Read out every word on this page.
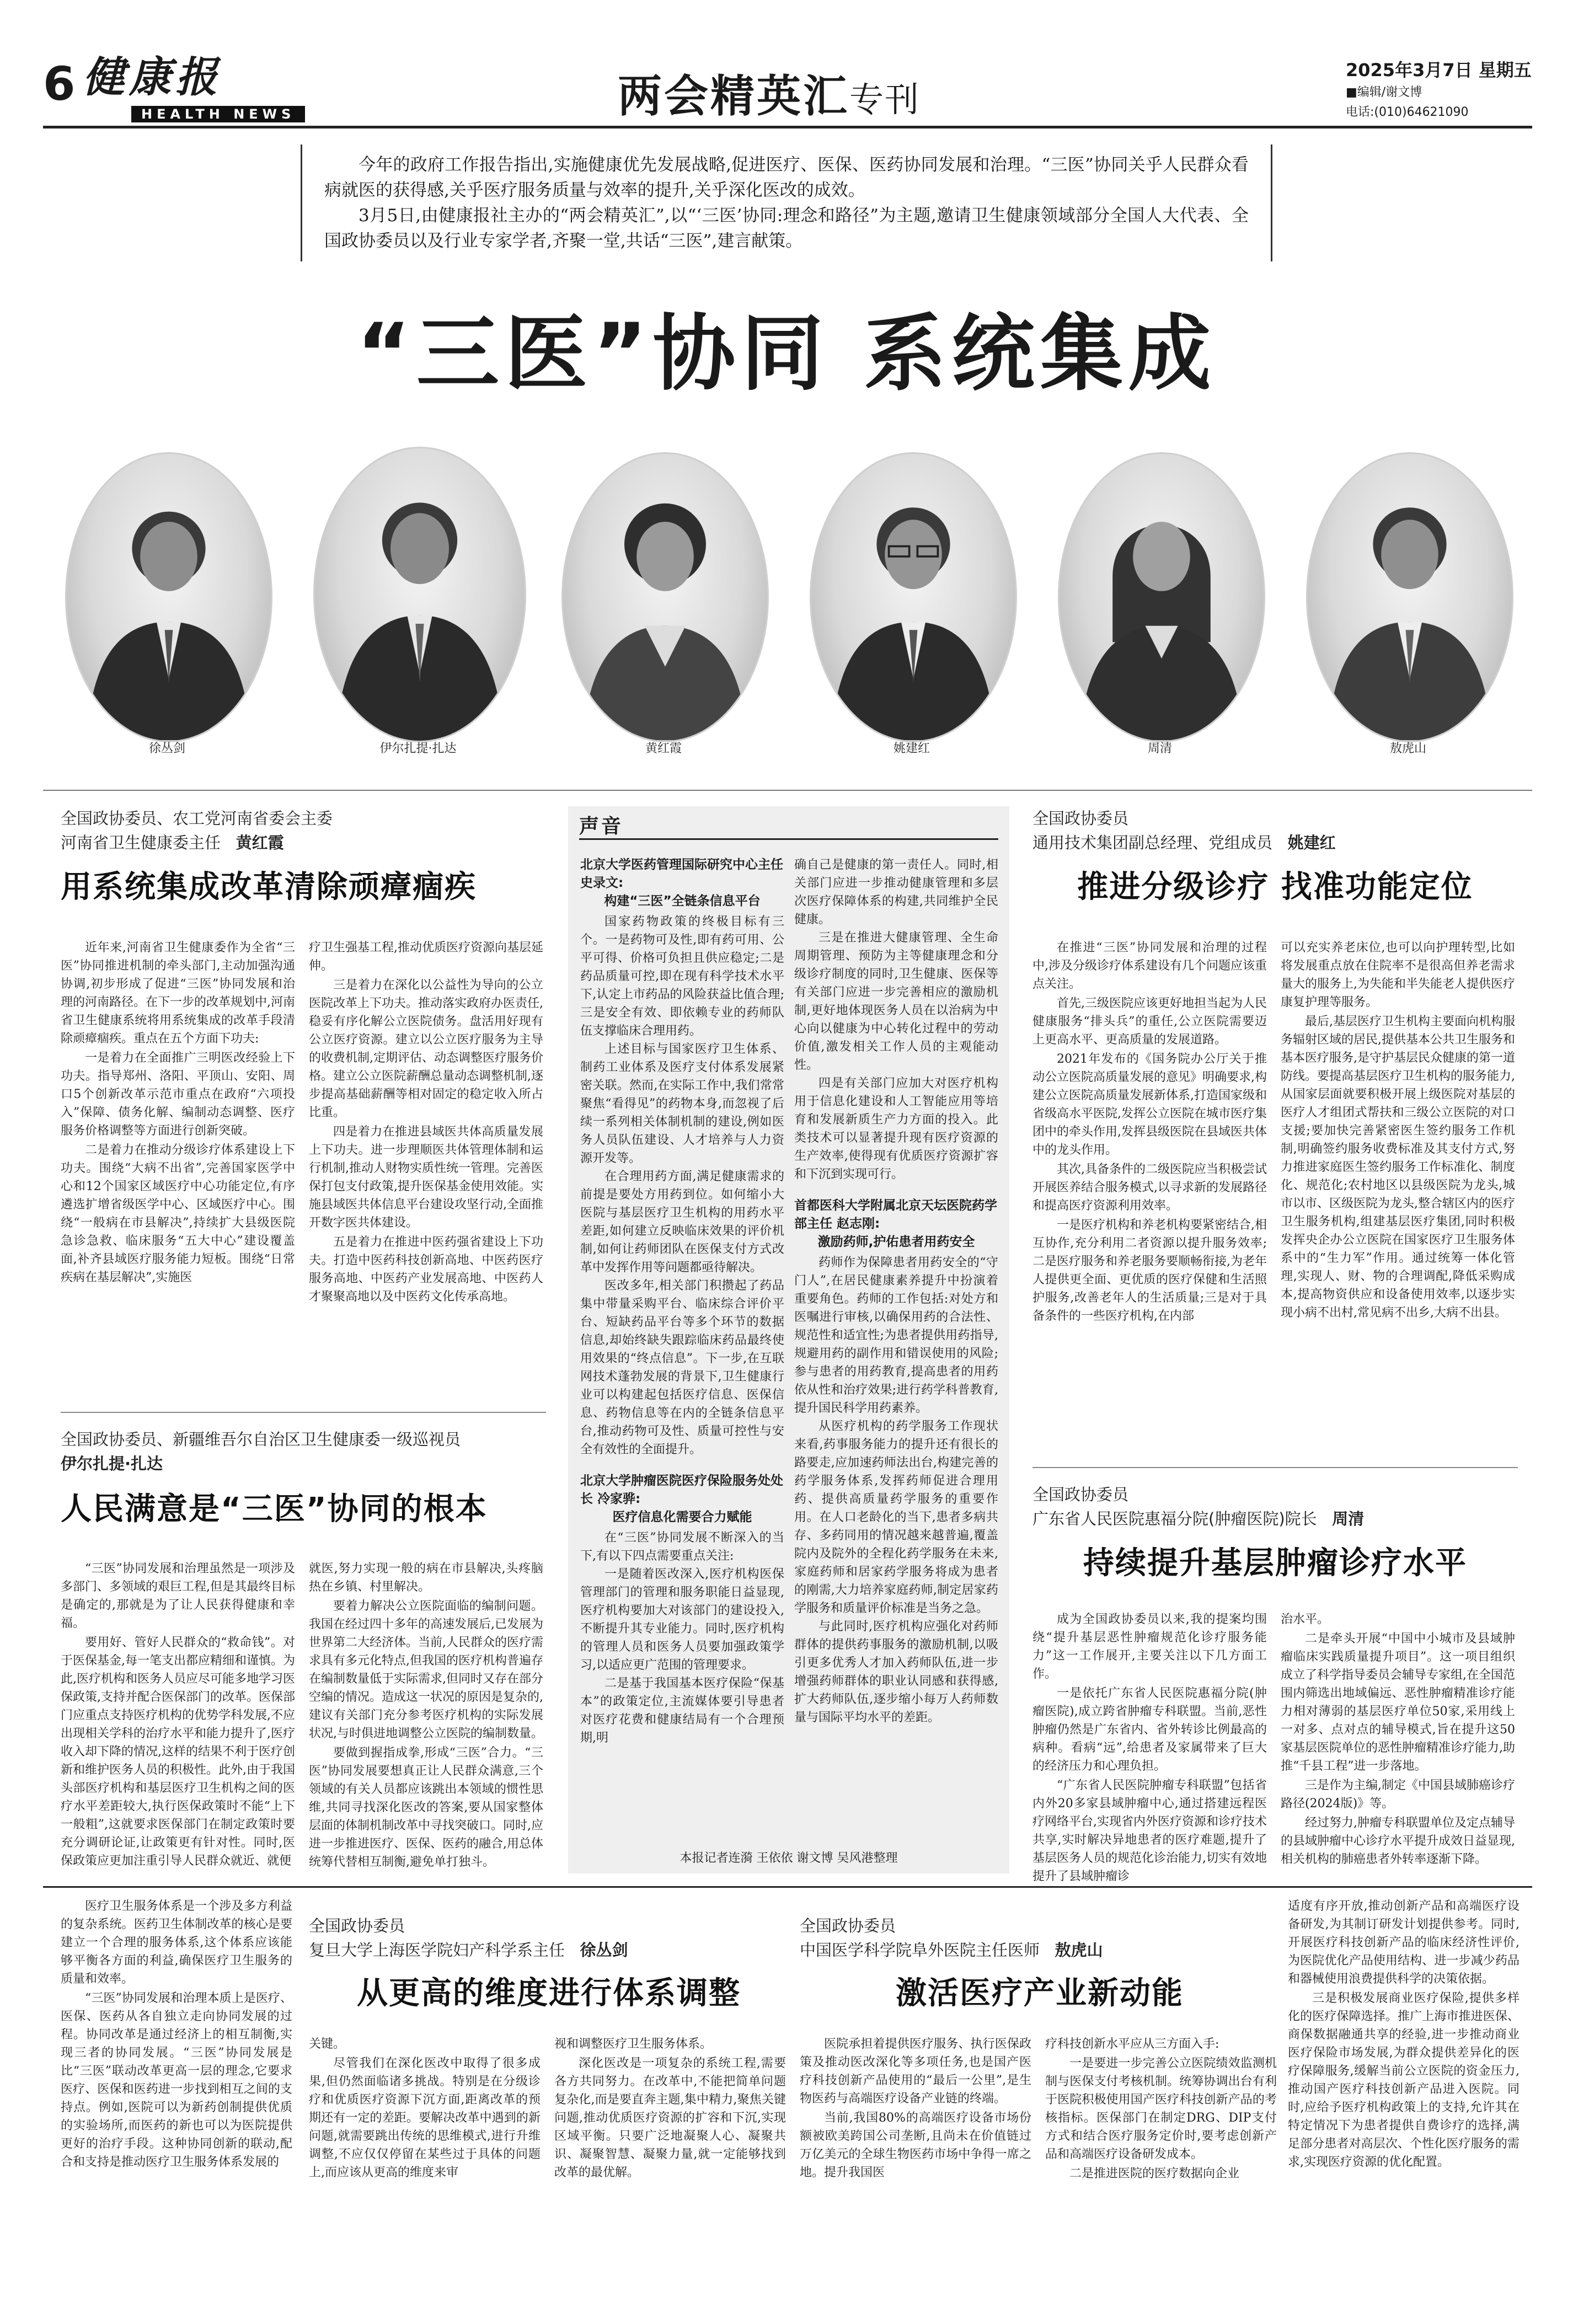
6 健康报
HEALTH NEWS	两会精英汇专刊
2025年3月7日 星期五
■编辑/谢文博
电话:(010)64621090

今年的政府工作报告指出,实施健康优先发展战略,促进医疗、医保、医药协同发展和治理。“三医”协同关乎人民群众看病就医的获得感,关乎医疗服务质量与效率的提升,关乎深化医改的成效。

3月5日,由健康报社主办的“两会精英汇”,以“‘三医’协同:理念和路径”为主题,邀请卫生健康领域部分全国人大代表、全国政协委员以及行业专家学者,齐聚一堂,共话“三医”,建言献策。

“三医”协同 系统集成
徐丛剑	伊尔扎提·扎达	黄红霞	姚建红	周清	敖虎山
全国政协委员、农工党河南省委会主委
河南省卫生健康委主任 黄红霞
用系统集成改革清除顽瘴痼疾

近年来,河南省卫生健康委作为全省“三医”协同推进机制的牵头部门,主动加强沟通协调,初步形成了促进“三医”协同发展和治理的河南路径。在下一步的改革规划中,河南省卫生健康系统将用系统集成的改革手段清除顽瘴痼疾。重点在五个方面下功夫:

一是着力在全面推广三明医改经验上下功夫。指导郑州、洛阳、平顶山、安阳、周口5个创新改革示范市重点在政府“六项投入”保障、债务化解、编制动态调整、医疗服务价格调整等方面进行创新突破。

二是着力在推动分级诊疗体系建设上下功夫。围绕“大病不出省”,完善国家医学中心和12个国家区域医疗中心功能定位,有序遴选扩增省级医学中心、区域医疗中心。围绕“一般病在市县解决”,持续扩大县级医院急诊急救、临床服务“五大中心”建设覆盖面,补齐县域医疗服务能力短板。围绕“日常疾病在基层解决”,实施医

疗卫生强基工程,推动优质医疗资源向基层延伸。

三是着力在深化以公益性为导向的公立医院改革上下功夫。推动落实政府办医责任,稳妥有序化解公立医院债务。盘活用好现有公立医疗资源。建立以公立医疗服务为主导的收费机制,定期评估、动态调整医疗服务价格。建立公立医院薪酬总量动态调整机制,逐步提高基础薪酬等相对固定的稳定收入所占比重。

四是着力在推进县域医共体高质量发展上下功夫。进一步理顺医共体管理体制和运行机制,推动人财物实质性统一管理。完善医保打包支付政策,提升医保基金使用效能。实施县域医共体信息平台建设攻坚行动,全面推开数字医共体建设。

五是着力在推进中医药强省建设上下功夫。打造中医药科技创新高地、中医药医疗服务高地、中医药产业发展高地、中医药人才聚聚高地以及中医药文化传承高地。

全国政协委员、新疆维吾尔自治区卫生健康委一级巡视员
伊尔扎提·扎达
人民满意是“三医”协同的根本

“三医”协同发展和治理虽然是一项涉及多部门、多领域的艰巨工程,但是其最终目标是确定的,那就是为了让人民获得健康和幸福。

要用好、管好人民群众的“救命钱”。对于医保基金,每一笔支出都应精细和谨慎。为此,医疗机构和医务人员应尽可能多地学习医保政策,支持并配合医保部门的改革。医保部门应重点支持医疗机构的优势学科发展,不应出现相关学科的治疗水平和能力提升了,医疗收入却下降的情况,这样的结果不利于医疗创新和维护医务人员的积极性。此外,由于我国头部医疗机构和基层医疗卫生机构之间的医疗水平差距较大,执行医保政策时不能“上下一般粗”,这就要求医保部门在制定政策时要充分调研论证,让政策更有针对性。同时,医保政策应更加注重引导人民群众就近、就便

就医,努力实现一般的病在市县解决,头疼脑热在乡镇、村里解决。

要着力解决公立医院面临的编制问题。我国在经过四十多年的高速发展后,已发展为世界第二大经济体。当前,人民群众的医疗需求具有多元化特点,但我国的医疗机构普遍存在编制数量低于实际需求,但同时又存在部分空编的情况。造成这一状况的原因是复杂的,建议有关部门充分参考医疗机构的实际发展状况,与时俱进地调整公立医院的编制数量。

要做到握指成拳,形成“三医”合力。“三医”协同发展要想真正让人民群众满意,三个领域的有关人员都应该跳出本领域的惯性思维,共同寻找深化医改的答案,要从国家整体层面的体制机制改革中寻找突破口。同时,应进一步推进医疗、医保、医药的融合,用总体统筹代替相互制衡,避免单打独斗。

声音
北京大学医药管理国际研究中心主任 史录文:
构建“三医”全链条信息平台

国家药物政策的终极目标有三个。一是药物可及性,即有药可用、公平可得、价格可负担且供应稳定;二是药品质量可控,即在现有科学技术水平下,认定上市药品的风险获益比值合理;三是安全有效、即依赖专业的药师队伍支撑临床合理用药。

上述目标与国家医疗卫生体系、制药工业体系及医疗支付体系发展紧密关联。然而,在实际工作中,我们常常聚焦“看得见”的药物本身,而忽视了后续一系列相关体制机制的建设,例如医务人员队伍建设、人才培养与人力资源开发等。

在合理用药方面,满足健康需求的前提是要处方用药到位。如何缩小大医院与基层医疗卫生机构的用药水平差距,如何建立反映临床效果的评价机制,如何让药师团队在医保支付方式改革中发挥作用等问题都亟待解决。

医改多年,相关部门积攒起了药品集中带量采购平台、临床综合评价平台、短缺药品平台等多个环节的数据信息,却始终缺失跟踪临床药品最终使用效果的“终点信息”。下一步,在互联网技术蓬勃发展的背景下,卫生健康行业可以构建起包括医疗信息、医保信息、药物信息等在内的全链条信息平台,推动药物可及性、质量可控性与安全有效性的全面提升。

北京大学肿瘤医院医疗保险服务处处长 冷家骅:
医疗信息化需要合力赋能

在“三医”协同发展不断深入的当下,有以下四点需要重点关注:

一是随着医改深入,医疗机构医保管理部门的管理和服务职能日益显现,医疗机构要加大对该部门的建设投入,不断提升其专业能力。同时,医疗机构的管理人员和医务人员要加强政策学习,以适应更广范围的管理要求。

二是基于我国基本医疗保险“保基本”的政策定位,主流媒体要引导患者对医疗花费和健康结局有一个合理预期,明

确自己是健康的第一责任人。同时,相关部门应进一步推动健康管理和多层次医疗保障体系的构建,共同维护全民健康。

三是在推进大健康管理、全生命周期管理、预防为主等健康理念和分级诊疗制度的同时,卫生健康、医保等有关部门应进一步完善相应的激励机制,更好地体现医务人员在以治病为中心向以健康为中心转化过程中的劳动价值,激发相关工作人员的主观能动性。

四是有关部门应加大对医疗机构用于信息化建设和人工智能应用等培育和发展新质生产力方面的投入。此类技术可以显著提升现有医疗资源的生产效率,使得现有优质医疗资源扩容和下沉到实现可行。

首都医科大学附属北京天坛医院药学部主任 赵志刚:
激励药师,护佑患者用药安全

药师作为保障患者用药安全的“守门人”,在居民健康素养提升中扮演着重要角色。药师的工作包括:对处方和医嘱进行审核,以确保用药的合法性、规范性和适宜性;为患者提供用药指导,规避用药的副作用和错误使用的风险;参与患者的用药教育,提高患者的用药依从性和治疗效果;进行药学科普教育,提升国民科学用药素养。

从医疗机构的药学服务工作现状来看,药事服务能力的提升还有很长的路要走,应加速药师法出台,构建完善的药学服务体系,发挥药师促进合理用药、提供高质量药学服务的重要作用。在人口老龄化的当下,患者多病共存、多药同用的情况越来越普遍,覆盖院内及院外的全程化药学服务在未来,家庭药师和居家药学服务将成为患者的刚需,大力培养家庭药师,制定居家药学服务和质量评价标准是当务之急。

与此同时,医疗机构应强化对药师群体的提供药事服务的激励机制,以吸引更多优秀人才加入药师队伍,进一步增强药师群体的职业认同感和获得感,扩大药师队伍,逐步缩小每万人药师数量与国际平均水平的差距。

本报记者连漪 王依依 谢文博 吴风港整理
全国政协委员
通用技术集团副总经理、党组成员 姚建红
推进分级诊疗 找准功能定位

在推进“三医”协同发展和治理的过程中,涉及分级诊疗体系建设有几个问题应该重点关注。

首先,三级医院应该更好地担当起为人民健康服务“排头兵”的重任,公立医院需要迈上更高水平、更高质量的发展道路。

2021年发布的《国务院办公厅关于推动公立医院高质量发展的意见》明确要求,构建公立医院高质量发展新体系,打造国家级和省级高水平医院,发挥公立医院在城市医疗集团中的牵头作用,发挥县级医院在县域医共体中的龙头作用。

其次,具备条件的二级医院应当积极尝试开展医养结合服务模式,以寻求新的发展路径和提高医疗资源利用效率。

一是医疗机构和养老机构要紧密结合,相互协作,充分利用二者资源以提升服务效率;二是医疗服务和养老服务要顺畅衔接,为老年人提供更全面、更优质的医疗保健和生活照护服务,改善老年人的生活质量;三是对于具备条件的一些医疗机构,在内部

可以充实养老床位,也可以向护理转型,比如将发展重点放在住院率不是很高但养老需求量大的服务上,为失能和半失能老人提供医疗康复护理等服务。

最后,基层医疗卫生机构主要面向机构服务辐射区域的居民,提供基本公共卫生服务和基本医疗服务,是守护基层民众健康的第一道防线。要提高基层医疗卫生机构的服务能力,从国家层面就要积极开展上级医院对基层的医疗人才组团式帮扶和三级公立医院的对口支援;要加快完善紧密医生签约服务工作机制,明确签约服务收费标准及其支付方式,努力推进家庭医生签约服务工作标准化、制度化、规范化;农村地区以县级医院为龙头,城市以市、区级医院为龙头,整合辖区内的医疗卫生服务机构,组建基层医疗集团,同时积极发挥央企办公立医院在国家医疗卫生服务体系中的“生力军”作用。通过统筹一体化管理,实现人、财、物的合理调配,降低采购成本,提高物资供应和设备使用效率,以逐步实现小病不出村,常见病不出乡,大病不出县。

全国政协委员
广东省人民医院惠福分院(肿瘤医院)院长 周清
持续提升基层肿瘤诊疗水平

成为全国政协委员以来,我的提案均围绕“提升基层恶性肿瘤规范化诊疗服务能力”这一工作展开,主要关注以下几方面工作。

一是依托广东省人民医院惠福分院(肿瘤医院),成立跨省肿瘤专科联盟。当前,恶性肿瘤仍然是广东省内、省外转诊比例最高的病种。看病“远”,给患者及家属带来了巨大的经济压力和心理负担。

“广东省人民医院肿瘤专科联盟”包括省内外20多家县域肿瘤中心,通过搭建远程医疗网络平台,实现省内外医疗资源和诊疗技术共享,实时解决异地患者的医疗难题,提升了基层医务人员的规范化诊治能力,切实有效地提升了县域肿瘤诊

治水平。

二是牵头开展“中国中小城市及县域肿瘤临床实践质量提升项目”。这一项目组织成立了科学指导委员会辅导专家组,在全国范围内筛选出地域偏远、恶性肿瘤精准诊疗能力相对薄弱的基层医疗单位50家,采用线上一对多、点对点的辅导模式,旨在提升这50家基层医院单位的恶性肿瘤精准诊疗能力,助推“千县工程”进一步落地。

三是作为主编,制定《中国县域肺癌诊疗路径(2024版)》等。

经过努力,肿瘤专科联盟单位及定点辅导的县域肿瘤中心诊疗水平提升成效日益显现,相关机构的肺癌患者外转率逐渐下降。

医疗卫生服务体系是一个涉及多方利益的复杂系统。医药卫生体制改革的核心是要建立一个合理的服务体系,这个体系应该能够平衡各方面的利益,确保医疗卫生服务的质量和效率。

“三医”协同发展和治理本质上是医疗、医保、医药从各自独立走向协同发展的过程。协同改革是通过经济上的相互制衡,实现三者的协同发展。“三医”协同发展是比“三医”联动改革更高一层的理念,它要求医疗、医保和医药进一步找到相互之间的支持点。例如,医院可以为新药创制提供优质的实验场所,而医药的新也可以为医院提供更好的治疗手段。这种协同创新的联动,配合和支持是推动医疗卫生服务体系发展的

全国政协委员
复旦大学上海医学院妇产科学系主任 徐丛剑
从更高的维度进行体系调整

关键。

尽管我们在深化医改中取得了很多成果,但仍然面临诸多挑战。特别是在分级诊疗和优质医疗资源下沉方面,距离改革的预期还有一定的差距。要解决改革中遇到的新问题,就需要跳出传统的思维模式,进行升维调整,不应仅仅停留在某些过于具体的问题上,而应该从更高的维度来审

视和调整医疗卫生服务体系。

深化医改是一项复杂的系统工程,需要各方共同努力。在改革中,不能把简单问题复杂化,而是要直奔主题,集中精力,聚焦关键问题,推动优质医疗资源的扩容和下沉,实现区域平衡。只要广泛地凝聚人心、凝聚共识、凝聚智慧、凝聚力量,就一定能够找到改革的最优解。

全国政协委员
中国医学科学院阜外医院主任医师 敖虎山
激活医疗产业新动能

医院承担着提供医疗服务、执行医保政策及推动医改深化等多项任务,也是国产医疗科技创新产品使用的“最后一公里”,是生物医药与高端医疗设备产业链的终端。

当前,我国80%的高端医疗设备市场份额被欧美跨国公司垄断,且尚未在价值链过万亿美元的全球生物医药市场中争得一席之地。提升我国医

疗科技创新水平应从三方面入手:

一是要进一步完善公立医院绩效监测机制与医保支付考核机制。统筹协调出台有利于医院积极使用国产医疗科技创新产品的考核指标。医保部门在制定DRG、DIP支付方式和结合医疗服务定价时,要考虑创新产品和高端医疗设备研发成本。

二是推进医院的医疗数据向企业

适度有序开放,推动创新产品和高端医疗设备研发,为其制订研发计划提供参考。同时,开展医疗科技创新产品的临床经济性评价,为医院优化产品使用结构、进一步减少药品和器械使用浪费提供科学的决策依据。

三是积极发展商业医疗保险,提供多样化的医疗保障选择。推广上海市推进医保、商保数据融通共享的经验,进一步推动商业医疗保险市场发展,为群众提供差异化的医疗保障服务,缓解当前公立医院的资金压力,推动国产医疗科技创新产品进入医院。同时,应给予医疗机构政策上的支持,允许其在特定情况下为患者提供自费诊疗的选择,满足部分患者对高层次、个性化医疗服务的需求,实现医疗资源的优化配置。
